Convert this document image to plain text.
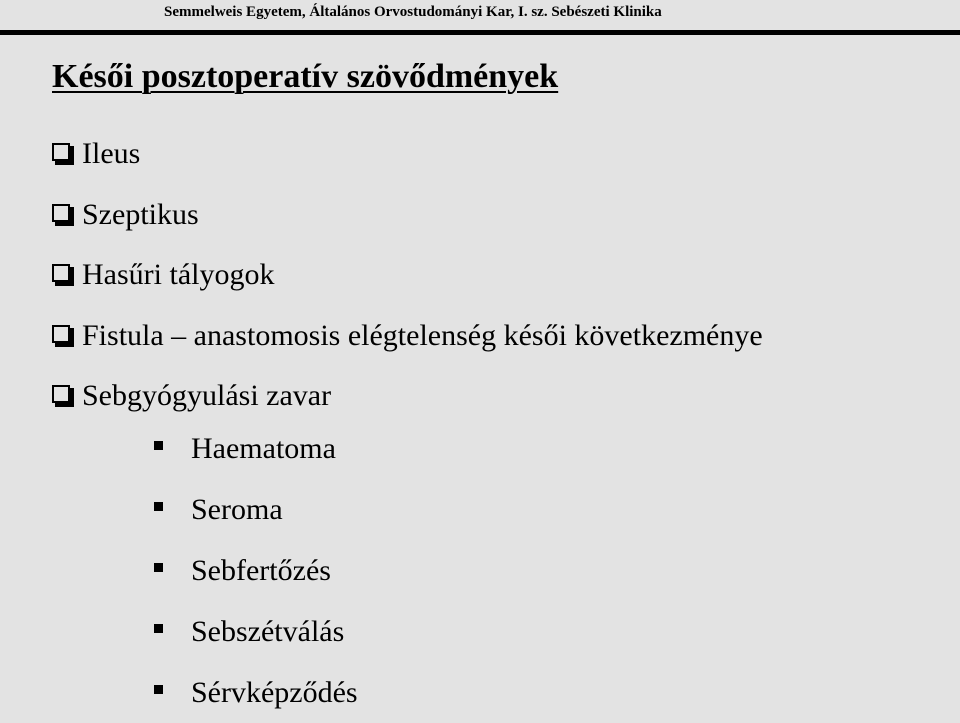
Semmelweis Egyetem, Általános Orvostudományi Kar, I. sz. Sebészeti Klinika
Késői posztoperatív szövődmények
Ileus
Szeptikus
Hasűri tályogok
Fistula – anastomosis elégtelenség késői következménye
Sebgyógyulási zavar
Haematoma
Seroma
Sebfertőzés
Sebszétválás
Sérvképződés
